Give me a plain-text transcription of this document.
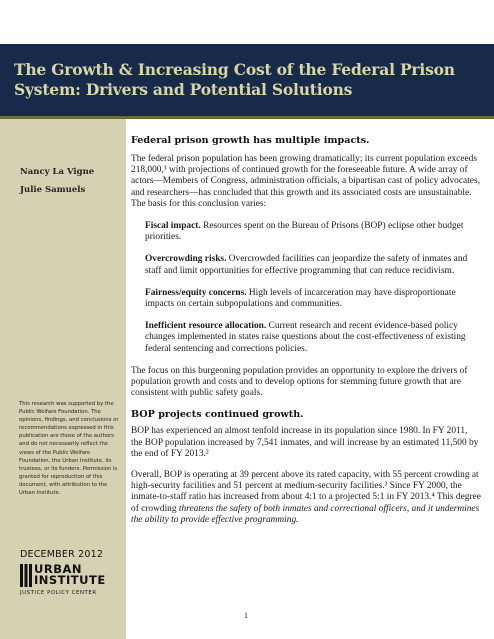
The Growth & Increasing Cost of the Federal Prison System: Drivers and Potential Solutions
Nancy La Vigne
Julie Samuels
This research was supported by the Public Welfare Foundation. The opinions, findings, and conclusions or recommendations expressed in this publication are those of the authors and do not necessarily reflect the views of the Public Welfare Foundation, the Urban Institute, its trustees, or its funders. Permission is granted for reproduction of this document, with attribution to the Urban Institute.
DECEMBER 2012
URBAN
INSTITUTE
JUSTICE POLICY CENTER
Federal prison growth has multiple impacts.

The federal prison population has been growing dramatically; its current population exceeds 218,000,¹ with projections of continued growth for the foreseeable future. A wide array of actors—Members of Congress, administration officials, a bipartisan cast of policy advocates, and researchers—has concluded that this growth and its associated costs are unsustainable. The basis for this conclusion varies:

Fiscal impact. Resources spent on the Bureau of Prisons (BOP) eclipse other budget priorities.

Overcrowding risks. Overcrowded facilities can jeopardize the safety of inmates and staff and limit opportunities for effective programming that can reduce recidivism.

Fairness/equity concerns. High levels of incarceration may have disproportionate impacts on certain subpopulations and communities.

Inefficient resource allocation. Current research and recent evidence-based policy changes implemented in states raise questions about the cost-effectiveness of existing federal sentencing and corrections policies.

The focus on this burgeoning population provides an opportunity to explore the drivers of population growth and costs and to develop options for stemming future growth that are consistent with public safety goals.

BOP projects continued growth.

BOP has experienced an almost tenfold increase in its population since 1980. In FY 2011, the BOP population increased by 7,541 inmates, and will increase by an estimated 11,500 by the end of FY 2013.²

Overall, BOP is operating at 39 percent above its rated capacity, with 55 percent crowding at high-security facilities and 51 percent at medium-security facilities.³ Since FY 2000, the inmate-to-staff ratio has increased from about 4:1 to a projected 5:1 in FY 2013.⁴ This degree of crowding threatens the safety of both inmates and correctional officers, and it undermines the ability to provide effective programming.

1
